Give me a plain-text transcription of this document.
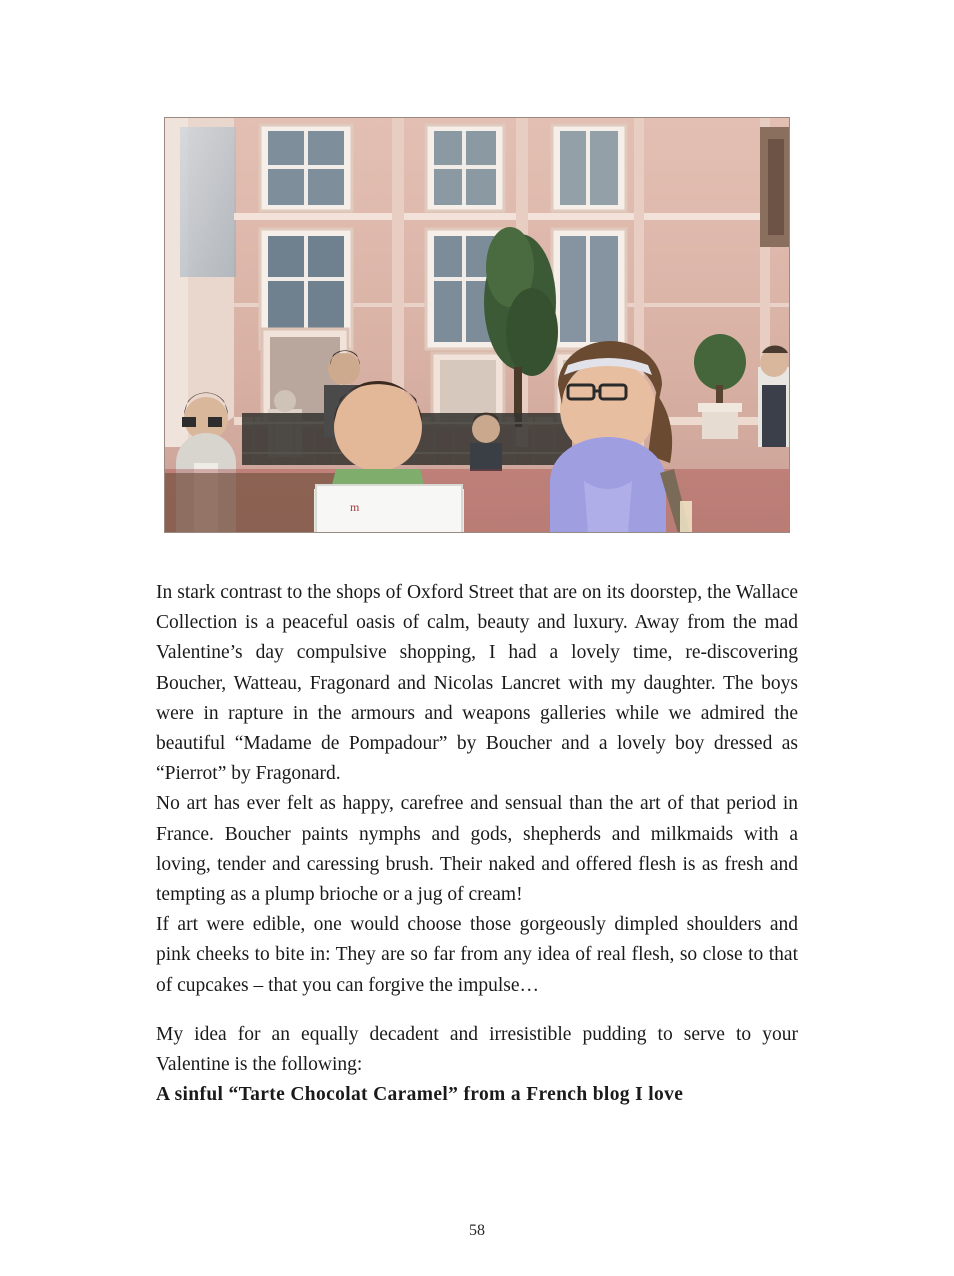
m

In stark contrast to the shops of Oxford Street that are on its doorstep, the Wallace Collection is a peaceful oasis of calm, beauty and luxury. Away from the mad Valentine’s day compulsive shopping, I had a lovely time, re-discovering Boucher, Watteau, Fragonard and Nicolas Lancret with my daughter. The boys were in rapture in the armours and weapons galleries while we admired the beautiful “Madame de Pompadour” by Boucher and a lovely boy dressed as “Pierrot” by Fragonard.

No art has ever felt as happy, carefree and sensual than the art of that period in France. Boucher paints nymphs and gods, shepherds and milkmaids with a loving, tender and caressing brush. Their naked and offered flesh is as fresh and tempting as a plump brioche or a jug of cream!

If art were edible, one would choose those gorgeously dimpled shoulders and pink cheeks to bite in: They are so far from any idea of real flesh, so close to that of cupcakes – that you can forgive the impulse…

My idea for an equally decadent and irresistible pudding to serve to your Valentine is the following:

A sinful “Tarte Chocolat Caramel” from a French blog I love

58
